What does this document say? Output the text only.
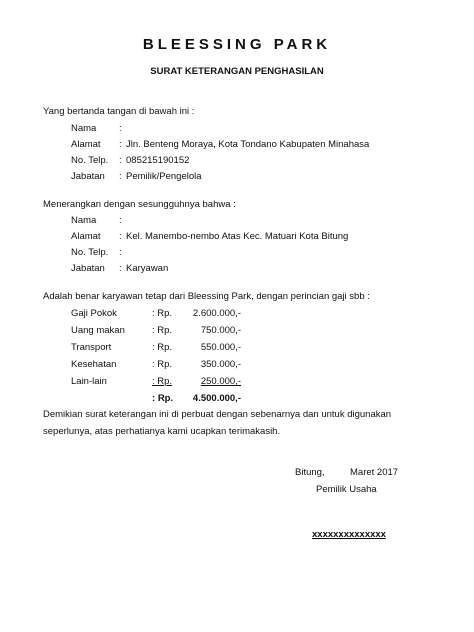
BLEESSING PARK
SURAT KETERANGAN PENGHASILAN
Yang bertanda tangan di bawah ini :
Nama :
Alamat : Jln. Benteng Moraya, Kota Tondano Kabupaten Minahasa
No. Telp. : 085215190152
Jabatan : Pemilik/Pengelola
Menerangkan dengan sesungguhnya bahwa :
Nama :
Alamat : Kel. Manembo-nembo Atas Kec. Matuari Kota Bitung
No. Telp. :
Jabatan : Karyawan
Adalah benar karyawan tetap dari Bleessing Park, dengan perincian gaji sbb :
Gaji Pokok	: Rp. 2.600.000,-
Uang makan	: Rp.	750.000,-
Transport	: Rp.	550.000,-
Kesehatan	: Rp.	350.000,-
Lain-lain	: Rp.	250.000,-
: Rp. 4.500.000,-
Demikian surat keterangan ini di perbuat dengan sebenarnya dan untuk digunakan seperlunya, atas perhatianya kami ucapkan terimakasih.
Bitung,	Maret 2017
Pemilik Usaha
xxxxxxxxxxxxxx
